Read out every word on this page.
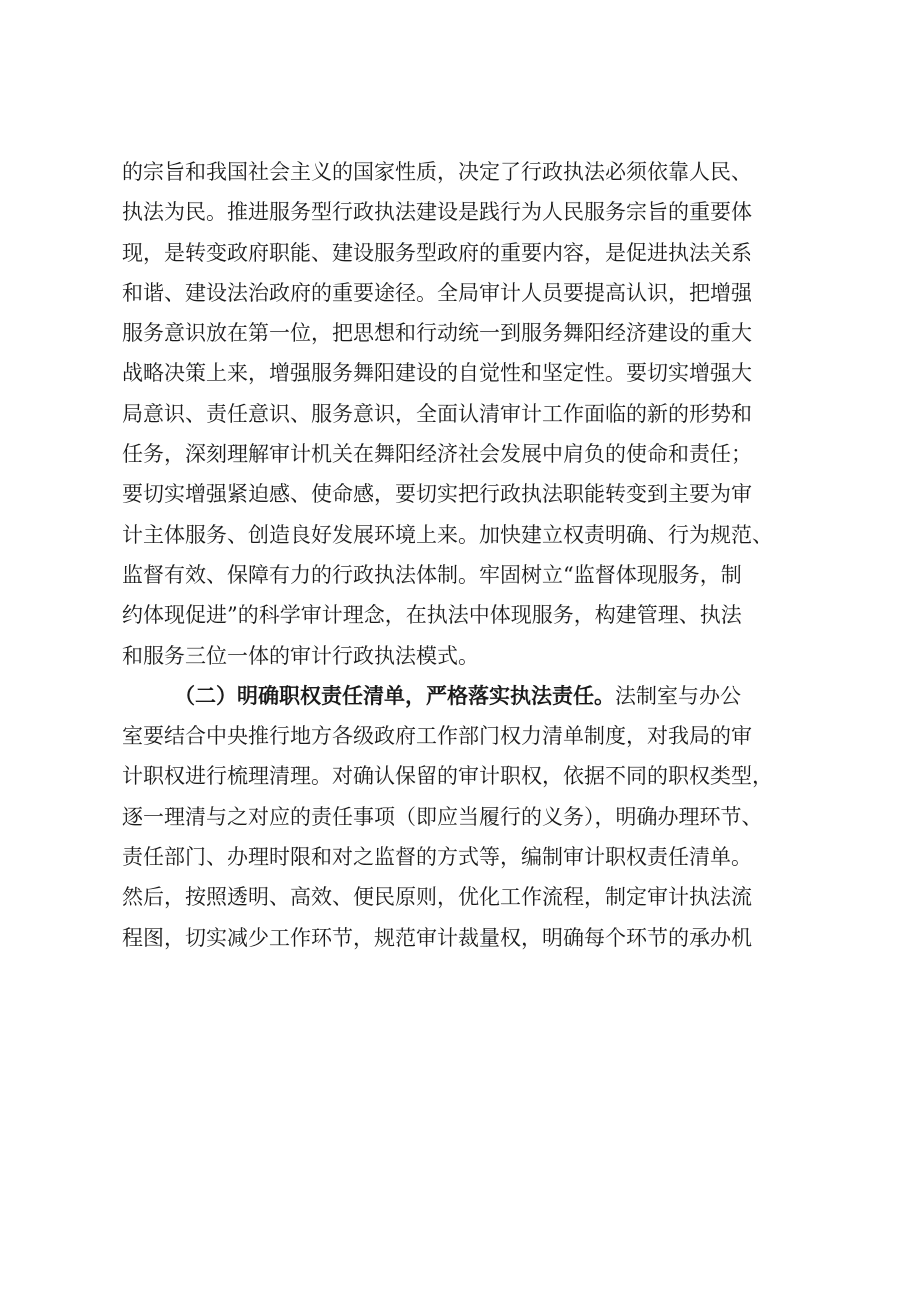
的宗旨和我国社会主义的国家性质，决定了行政执法必须依靠人民、
执法为民。推进服务型行政执法建设是践行为人民服务宗旨的重要体
现，是转变政府职能、建设服务型政府的重要内容，是促进执法关系
和谐、建设法治政府的重要途径。全局审计人员要提高认识，把增强
服务意识放在第一位，把思想和行动统一到服务舞阳经济建设的重大
战略决策上来，增强服务舞阳建设的自觉性和坚定性。要切实增强大
局意识、责任意识、服务意识，全面认清审计工作面临的新的形势和
任务，深刻理解审计机关在舞阳经济社会发展中肩负的使命和责任；
要切实增强紧迫感、使命感，要切实把行政执法职能转变到主要为审
计主体服务、创造良好发展环境上来。加快建立权责明确、行为规范、
监督有效、保障有力的行政执法体制。牢固树立“监督体现服务，制
约体现促进”的科学审计理念，在执法中体现服务，构建管理、执法
和服务三位一体的审计行政执法模式。
（二）明确职权责任清单，严格落实执法责任。法制室与办公
室要结合中央推行地方各级政府工作部门权力清单制度，对我局的审
计职权进行梳理清理。对确认保留的审计职权，依据不同的职权类型，
逐一理清与之对应的责任事项（即应当履行的义务），明确办理环节、
责任部门、办理时限和对之监督的方式等，编制审计职权责任清单。
然后，按照透明、高效、便民原则，优化工作流程，制定审计执法流
程图，切实减少工作环节，规范审计裁量权，明确每个环节的承办机
